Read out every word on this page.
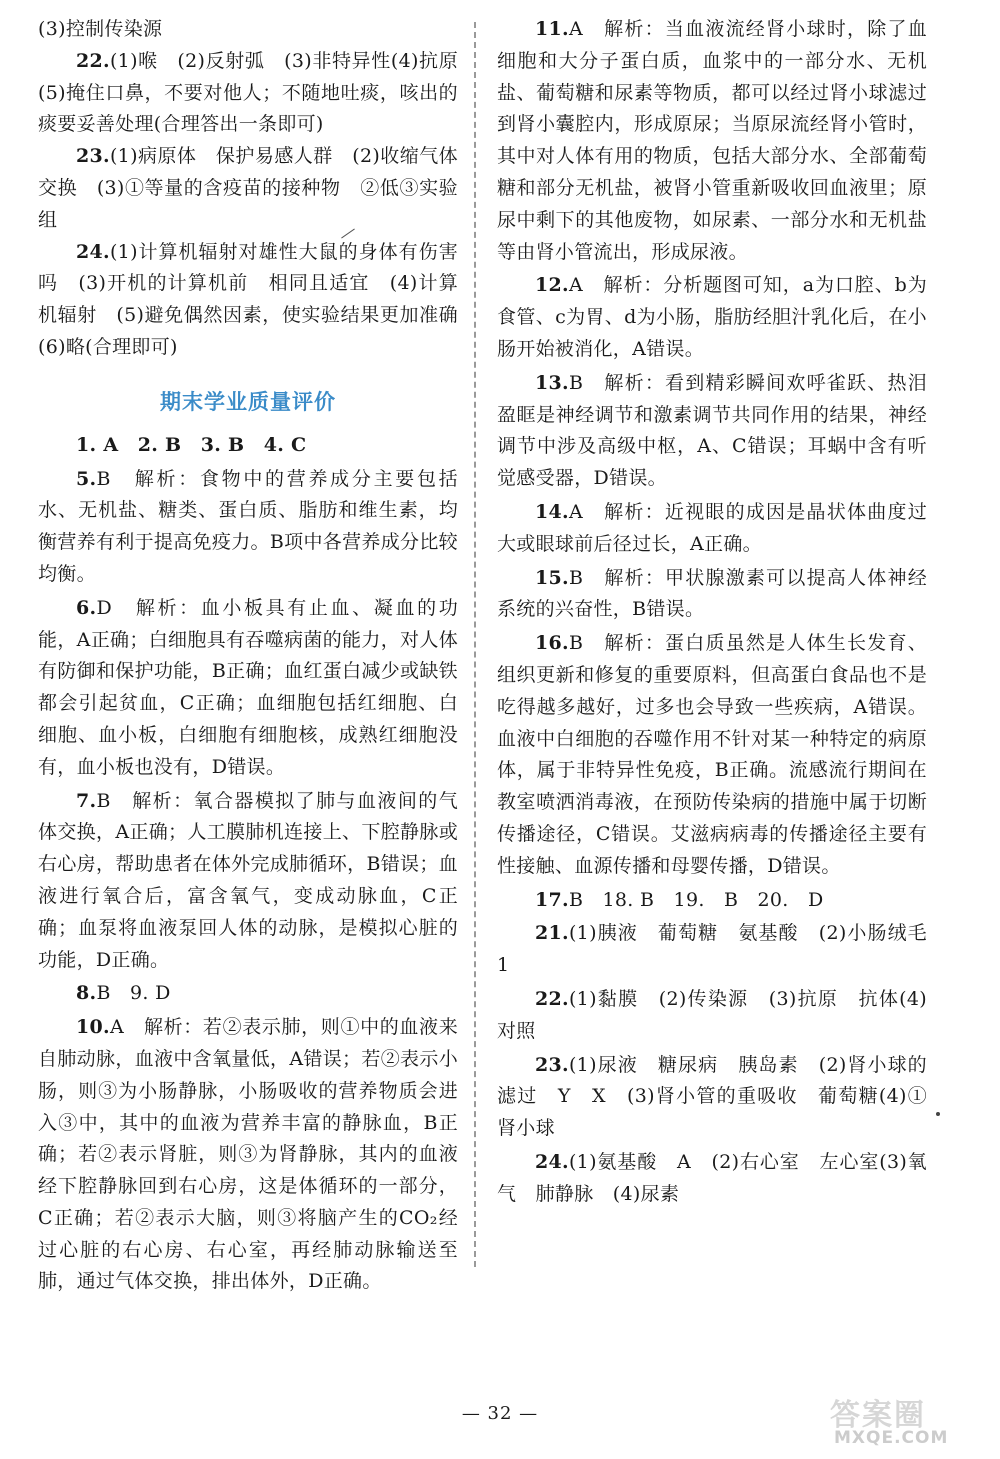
(3)控制传染源

22.(1)喉　(2)反射弧　(3)非特异性(4)抗原　(5)掩住口鼻，不要对他人；不随地吐痰，咳出的痰要妥善处理(合理答出一条即可)

23.(1)病原体　保护易感人群　(2)收缩气体交换　(3)①等量的含疫苗的接种物　②低③实验组

24.(1)计算机辐射对雄性大鼠的身体有伤害吗　(3)开机的计算机前　相同且适宜　(4)计算机辐射　(5)避免偶然因素，使实验结果更加准确(6)略(合理即可)

期末学业质量评价

1. A　2. B　3. B　4. C

5.B　解析：食物中的营养成分主要包括水、无机盐、糖类、蛋白质、脂肪和维生素，均衡营养有利于提高免疫力。B项中各营养成分比较均衡。

6.D　解析：血小板具有止血、凝血的功能，A正确；白细胞具有吞噬病菌的能力，对人体有防御和保护功能，B正确；血红蛋白减少或缺铁都会引起贫血，C正确；血细胞包括红细胞、白细胞、血小板，白细胞有细胞核，成熟红细胞没有，血小板也没有，D错误。

7.B　解析：氧合器模拟了肺与血液间的气体交换，A正确；人工膜肺机连接上、下腔静脉或右心房，帮助患者在体外完成肺循环，B错误；血液进行氧合后，富含氧气，变成动脉血，C正确；血泵将血液泵回人体的动脉，是模拟心脏的功能，D正确。

8.B　9. D

10.A　解析：若②表示肺，则①中的血液来自肺动脉，血液中含氧量低，A错误；若②表示小肠，则③为小肠静脉，小肠吸收的营养物质会进入③中，其中的血液为营养丰富的静脉血，B正确；若②表示肾脏，则③为肾静脉，其内的血液经下腔静脉回到右心房，这是体循环的一部分，C正确；若②表示大脑，则③将脑产生的CO₂经过心脏的右心房、右心室，再经肺动脉输送至肺，通过气体交换，排出体外，D正确。

11.A　解析：当血液流经肾小球时，除了血细胞和大分子蛋白质，血浆中的一部分水、无机盐、葡萄糖和尿素等物质，都可以经过肾小球滤过到肾小囊腔内，形成原尿；当原尿流经肾小管时，其中对人体有用的物质，包括大部分水、全部葡萄糖和部分无机盐，被肾小管重新吸收回血液里；原尿中剩下的其他废物，如尿素、一部分水和无机盐等由肾小管流出，形成尿液。

12.A　解析：分析题图可知，a为口腔、b为食管、c为胃、d为小肠，脂肪经胆汁乳化后，在小肠开始被消化，A错误。

13.B　解析：看到精彩瞬间欢呼雀跃、热泪盈眶是神经调节和激素调节共同作用的结果，神经调节中涉及高级中枢，A、C错误；耳蜗中含有听觉感受器，D错误。

14.A　解析：近视眼的成因是晶状体曲度过大或眼球前后径过长，A正确。

15.B　解析：甲状腺激素可以提高人体神经系统的兴奋性，B错误。

16.B　解析：蛋白质虽然是人体生长发育、组织更新和修复的重要原料，但高蛋白食品也不是吃得越多越好，过多也会导致一些疾病，A错误。血液中白细胞的吞噬作用不针对某一种特定的病原体，属于非特异性免疫，B正确。流感流行期间在教室喷洒消毒液，在预防传染病的措施中属于切断传播途径，C错误。艾滋病病毒的传播途径主要有性接触、血源传播和母婴传播，D错误。

17.B　18. B　19.　B　20.　D

21.(1)胰液　葡萄糖　氨基酸　(2)小肠绒毛　1

22.(1)黏膜　(2)传染源　(3)抗原　抗体(4)对照

23.(1)尿液　糖尿病　胰岛素　(2)肾小球的滤过　Y　X　(3)肾小管的重吸收　葡萄糖(4)①　肾小球

24.(1)氨基酸　A　(2)右心室　左心室(3)氧气　肺静脉　(4)尿素

— 32 —	答案圈
MXQE.COM
